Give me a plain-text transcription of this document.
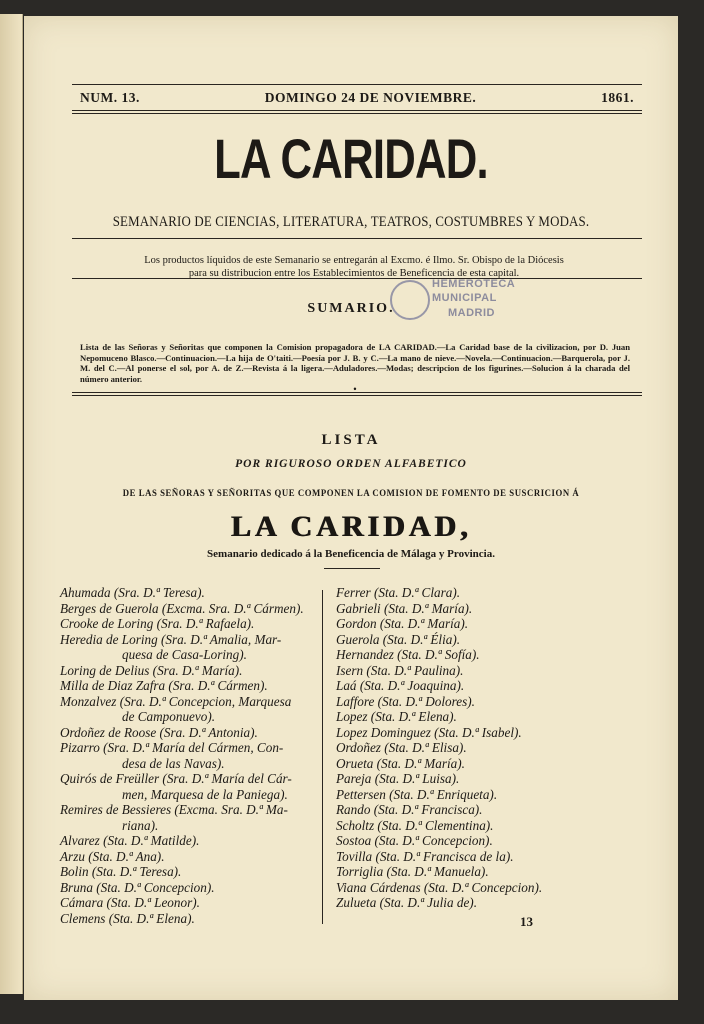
NUM. 13.	DOMINGO 24 DE NOVIEMBRE.	1861.
LA CARIDAD.
SEMANARIO DE CIENCIAS, LITERATURA, TEATROS, COSTUMBRES Y MODAS.
Los productos líquidos de este Semanario se entregarán al Excmo. é Ilmo. Sr. Obispo de la Diócesis
para su distribucion entre los Establecimientos de Beneficencia de esta capital.
HEMEROTECA
MUNICIPAL
MADRID
SUMARIO.
Lista de las Señoras y Señoritas que componen la Comision propagadora de LA CARIDAD.—La Caridad base de la civilizacion, por D. Juan Nepomuceno Blasco.—Continuacion.—La hija de O'taiti.—Poesía por J. B. y C.—La mano de nieve.—Novela.—Continuacion.—Barquerola, por J. M. del C.—Al ponerse el sol, por A. de Z.—Revista á la ligera.—Aduladores.—Modas; descripcion de los figurines.—Solucion á la charada del número anterior.
•
LISTA
POR RIGUROSO ORDEN ALFABETICO
DE LAS SEÑORAS Y SEÑORITAS QUE COMPONEN LA COMISION DE FOMENTO DE SUSCRICION Á
LA CARIDAD,
Semanario dedicado á la Beneficencia de Málaga y Provincia.
Ahumada (Sra. D.ª Teresa).
Berges de Guerola (Excma. Sra. D.ª Cármen).
Crooke de Loring (Sra. D.ª Rafaela).
Heredia de Loring (Sra. D.ª Amalia, Mar-
quesa de Casa-Loring).
Loring de Delius (Sra. D.ª María).
Milla de Diaz Zafra (Sra. D.ª Cármen).
Monzalvez (Sra. D.ª Concepcion, Marquesa
de Camponuevo).
Ordoñez de Roose (Sra. D.ª Antonia).
Pizarro (Sra. D.ª María del Cármen, Con-
desa de las Navas).
Quirós de Freüller (Sra. D.ª María del Cár-
men, Marquesa de la Paniega).
Remires de Bessieres (Excma. Sra. D.ª Ma-
riana).
Alvarez (Sta. D.ª Matilde).
Arzu (Sta. D.ª Ana).
Bolin (Sta. D.ª Teresa).
Bruna (Sta. D.ª Concepcion).
Cámara (Sta. D.ª Leonor).
Clemens (Sta. D.ª Elena).
Ferrer (Sta. D.ª Clara).
Gabrieli (Sta. D.ª María).
Gordon (Sta. D.ª María).
Guerola (Sta. D.ª Élia).
Hernandez (Sta. D.ª Sofía).
Isern (Sta. D.ª Paulina).
Laá (Sta. D.ª Joaquina).
Laffore (Sta. D.ª Dolores).
Lopez (Sta. D.ª Elena).
Lopez Dominguez (Sta. D.ª Isabel).
Ordoñez (Sta. D.ª Elisa).
Orueta (Sta. D.ª María).
Pareja (Sta. D.ª Luisa).
Pettersen (Sta. D.ª Enriqueta).
Rando (Sta. D.ª Francisca).
Scholtz (Sta. D.ª Clementina).
Sostoa (Sta. D.ª Concepcion).
Tovilla (Sta. D.ª Francisca de la).
Torriglia (Sta. D.ª Manuela).
Viana Cárdenas (Sta. D.ª Concepcion).
Zulueta (Sta. D.ª Julia de).
13
